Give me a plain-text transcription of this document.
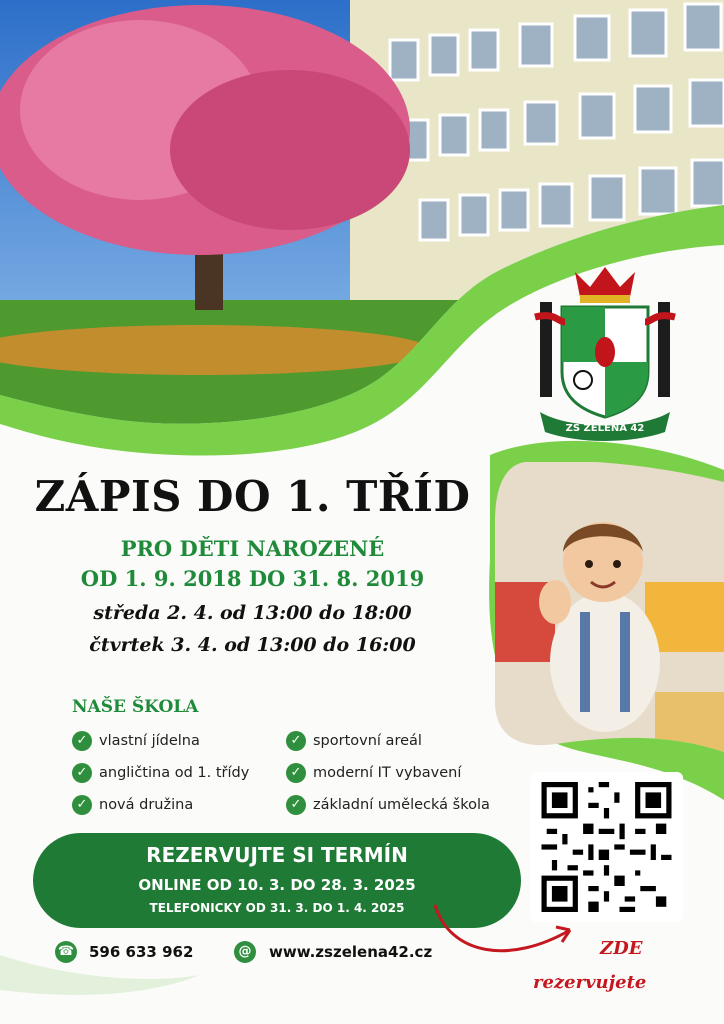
ZŠ ZELENÁ 42
ZÁPIS DO 1. TŘÍD
PRO DĚTI NAROZENÉ
OD 1. 9. 2018 DO 31. 8. 2019
středa 2. 4. od 13:00 do 18:00
čtvrtek 3. 4. od 13:00 do 16:00
NAŠE ŠKOLA
✓ vlastní jídelna
✓ angličtina od 1. třídy
✓ nová družina
✓ sportovní areál
✓ moderní IT vybavení
✓ základní umělecká škola
REZERVUJTE SI TERMÍN
ONLINE OD 10. 3. DO 28. 3. 2025
TELEFONICKY OD 31. 3. DO 1. 4. 2025
☎ 596 633 962	@	www.zszelena42.cz	ZDE
rezervujete
